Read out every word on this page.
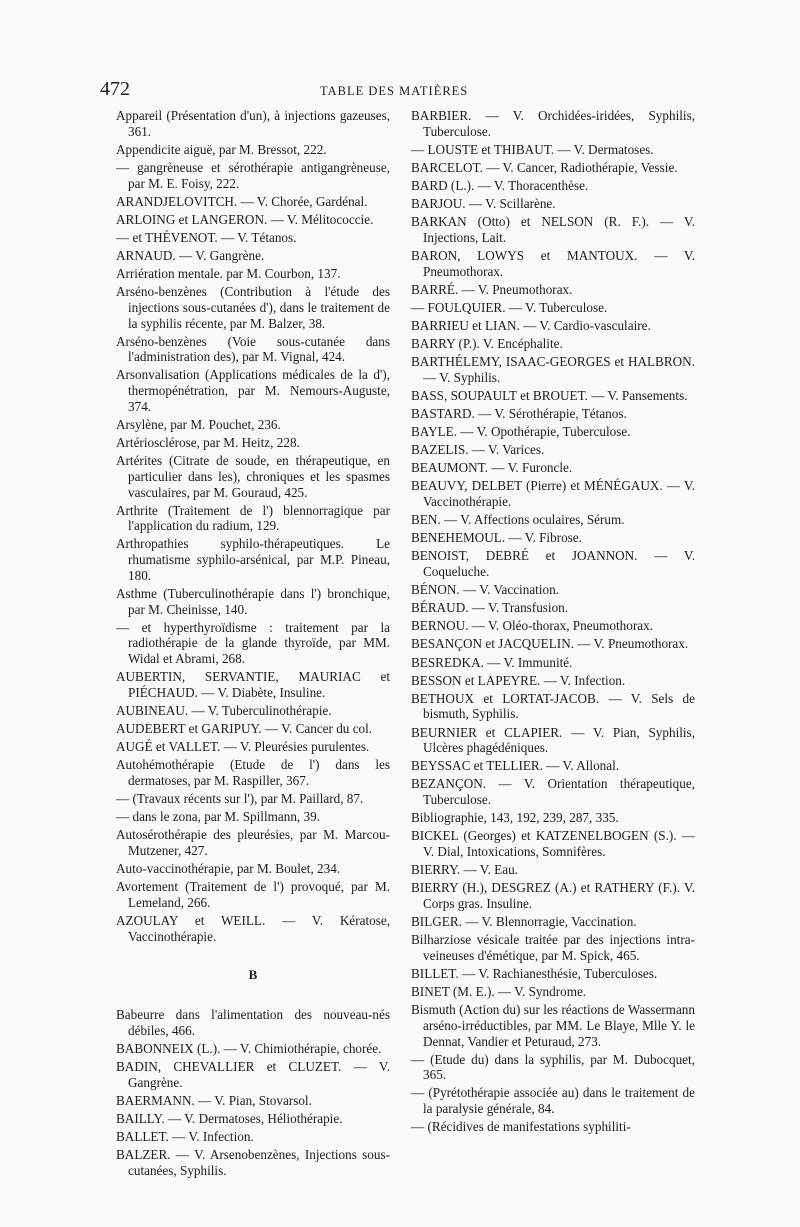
472	TABLE DES MATIÈRES
Appareil (Présentation d'un), à injections gazeuses, 361.
Appendicite aiguë, par M. Bressot, 222.
— gangrèneuse et sérothérapie antigangrèneuse, par M. E. Foisy, 222.
ARANDJELOVITCH. — V. Chorée, Gardénal.
ARLOING et LANGERON. — V. Mélitococcie.
— et THÉVENOT. — V. Tétanos.
ARNAUD. — V. Gangrène.
Arriération mentale. par M. Courbon, 137.
Arséno-benzènes (Contribution à l'étude des injections sous-cutanées d'), dans le traitement de la syphilis récente, par M. Balzer, 38.
Arséno-benzènes (Voie sous-cutanée dans l'administration des), par M. Vignal, 424.
Arsonvalisation (Applications médicales de la d'), thermopénétration, par M. Nemours-Auguste, 374.
Arsylène, par M. Pouchet, 236.
Artériosclérose, par M. Heitz, 228.
Artérites (Citrate de soude, en thérapeutique, en particulier dans les), chroniques et les spasmes vasculaires, par M. Gouraud, 425.
Arthrite (Traitement de l') blennorragique par l'application du radium, 129.
Arthropathies syphilo-thérapeutiques. Le rhumatisme syphilo-arsénical, par M.P. Pineau, 180.
Asthme (Tuberculinothérapie dans l') bronchique, par M. Cheinisse, 140.
— et hyperthyroïdisme : traitement par la radiothérapie de la glande thyroïde, par MM. Widal et Abrami, 268.
AUBERTIN, SERVANTIE, MAURIAC et PIÉCHAUD. — V. Diabète, Insuline.
AUBINEAU. — V. Tuberculinothérapie.
AUDEBERT et GARIPUY. — V. Cancer du col.
AUGÉ et VALLET. — V. Pleurésies purulentes.
Autohémothérapie (Etude de l') dans les dermatoses, par M. Raspiller, 367.
— (Travaux récents sur l'), par M. Paillard, 87.
— dans le zona, par M. Spillmann, 39.
Autosérothérapie des pleurésies, par M. Marcou-Mutzener, 427.
Auto-vaccinothérapie, par M. Boulet, 234.
Avortement (Traitement de l') provoqué, par M. Lemeland, 266.
AZOULAY et WEILL. — V. Kératose, Vaccinothérapie.
B
Babeurre dans l'alimentation des nouveau-nés débiles, 466.
BABONNEIX (L.). — V. Chimiothérapie, chorée.
BADIN, CHEVALLIER et CLUZET. — V. Gangrène.
BAERMANN. — V. Pian, Stovarsol.
BAILLY. — V. Dermatoses, Héliothérapie.
BALLET. — V. Infection.
BALZER. — V. Arsenobenzènes, Injections sous-cutanées, Syphilis.
BARBIER. — V. Orchidées-iridées, Syphilis, Tuberculose.
— LOUSTE et THIBAUT. — V. Dermatoses.
BARCELOT. — V. Cancer, Radiothérapie, Vessie.
BARD (L.). — V. Thoracenthèse.
BARJOU. — V. Scillarène.
BARKAN (Otto) et NELSON (R. F.). — V. Injections, Lait.
BARON, LOWYS et MANTOUX. — V. Pneumothorax.
BARRÉ. — V. Pneumothorax.
— FOULQUIER. — V. Tuberculose.
BARRIEU et LIAN. — V. Cardio-vasculaire.
BARRY (P.). V. Encéphalite.
BARTHÉLEMY, ISAAC-GEORGES et HALBRON. — V. Syphilis.
BASS, SOUPAULT et BROUET. — V. Pansements.
BASTARD. — V. Sérothérapie, Tétanos.
BAYLE. — V. Opothérapie, Tuberculose.
BAZELIS. — V. Varices.
BEAUMONT. — V. Furoncle.
BEAUVY, DELBET (Pierre) et MÉNÉGAUX. — V. Vaccinothérapie.
BEN. — V. Affections oculaires, Sérum.
BENEHEMOUL. — V. Fibrose.
BENOIST, DEBRÉ et JOANNON. — V. Coqueluche.
BÉNON. — V. Vaccination.
BÉRAUD. — V. Transfusion.
BERNOU. — V. Oléo-thorax, Pneumothorax.
BESANÇON et JACQUELIN. — V. Pneumothorax.
BESREDKA. — V. Immunité.
BESSON et LAPEYRE. — V. Infection.
BETHOUX et LORTAT-JACOB. — V. Sels de bismuth, Syphilis.
BEURNIER et CLAPIER. — V. Pian, Syphilis, Ulcères phagédéniques.
BEYSSAC et TELLIER. — V. Allonal.
BEZANÇON. — V. Orientation thérapeutique, Tuberculose.
Bibliographie, 143, 192, 239, 287, 335.
BICKEL (Georges) et KATZENELBOGEN (S.). — V. Dial, Intoxications, Somnifères.
BIERRY. — V. Eau.
BIERRY (H.), DESGREZ (A.) et RATHERY (F.). V. Corps gras. Insuline.
BILGER. — V. Blennorragie, Vaccination.
Bilharziose vésicale traitée par des injections intra-veineuses d'émétique, par M. Spick, 465.
BILLET. — V. Rachianesthésie, Tuberculoses.
BINET (M. E.). — V. Syndrome.
Bismuth (Action du) sur les réactions de Wassermann arséno-irréductibles, par MM. Le Blaye, Mlle Y. le Dennat, Vandier et Peturaud, 273.
— (Etude du) dans la syphilis, par M. Dubocquet, 365.
— (Pyrétothérapie associée au) dans le traitement de la paralysie générale, 84.
— (Récidives de manifestations syphiliti-
